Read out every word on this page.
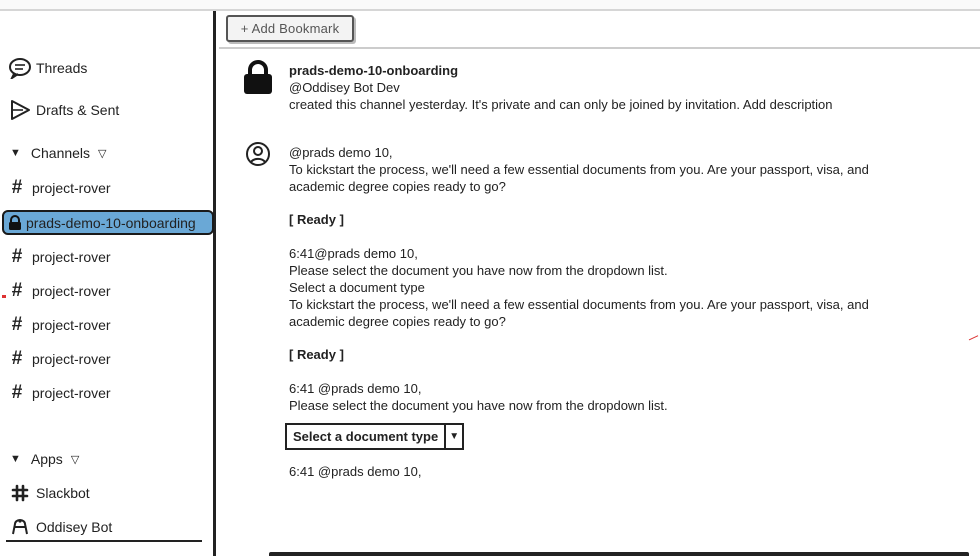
Threads
Drafts & Sent
▼ Channels ▽
# project-rover
prads-demo-10-onboarding
# project-rover
# project-rover
# project-rover
# project-rover
# project-rover
▼ Apps ▽
Slackbot
Oddisey Bot
+ Add Bookmark
prads-demo-10-onboarding
@Oddisey Bot Dev
created this channel yesterday. It's private and can only be joined by invitation. Add description
@prads demo 10,
To kickstart the process, we'll need a few essential documents from you. Are your passport, visa, and
academic degree copies ready to go?
[ Ready ]
6:41@prads demo 10,
Please select the document you have now from the dropdown list.
Select a document type
To kickstart the process, we'll need a few essential documents from you. Are your passport, visa, and
academic degree copies ready to go?
[ Ready ]
6:41 @prads demo 10,
Please select the document you have now from the dropdown list.
Select a document type	▼
6:41 @prads demo 10,
